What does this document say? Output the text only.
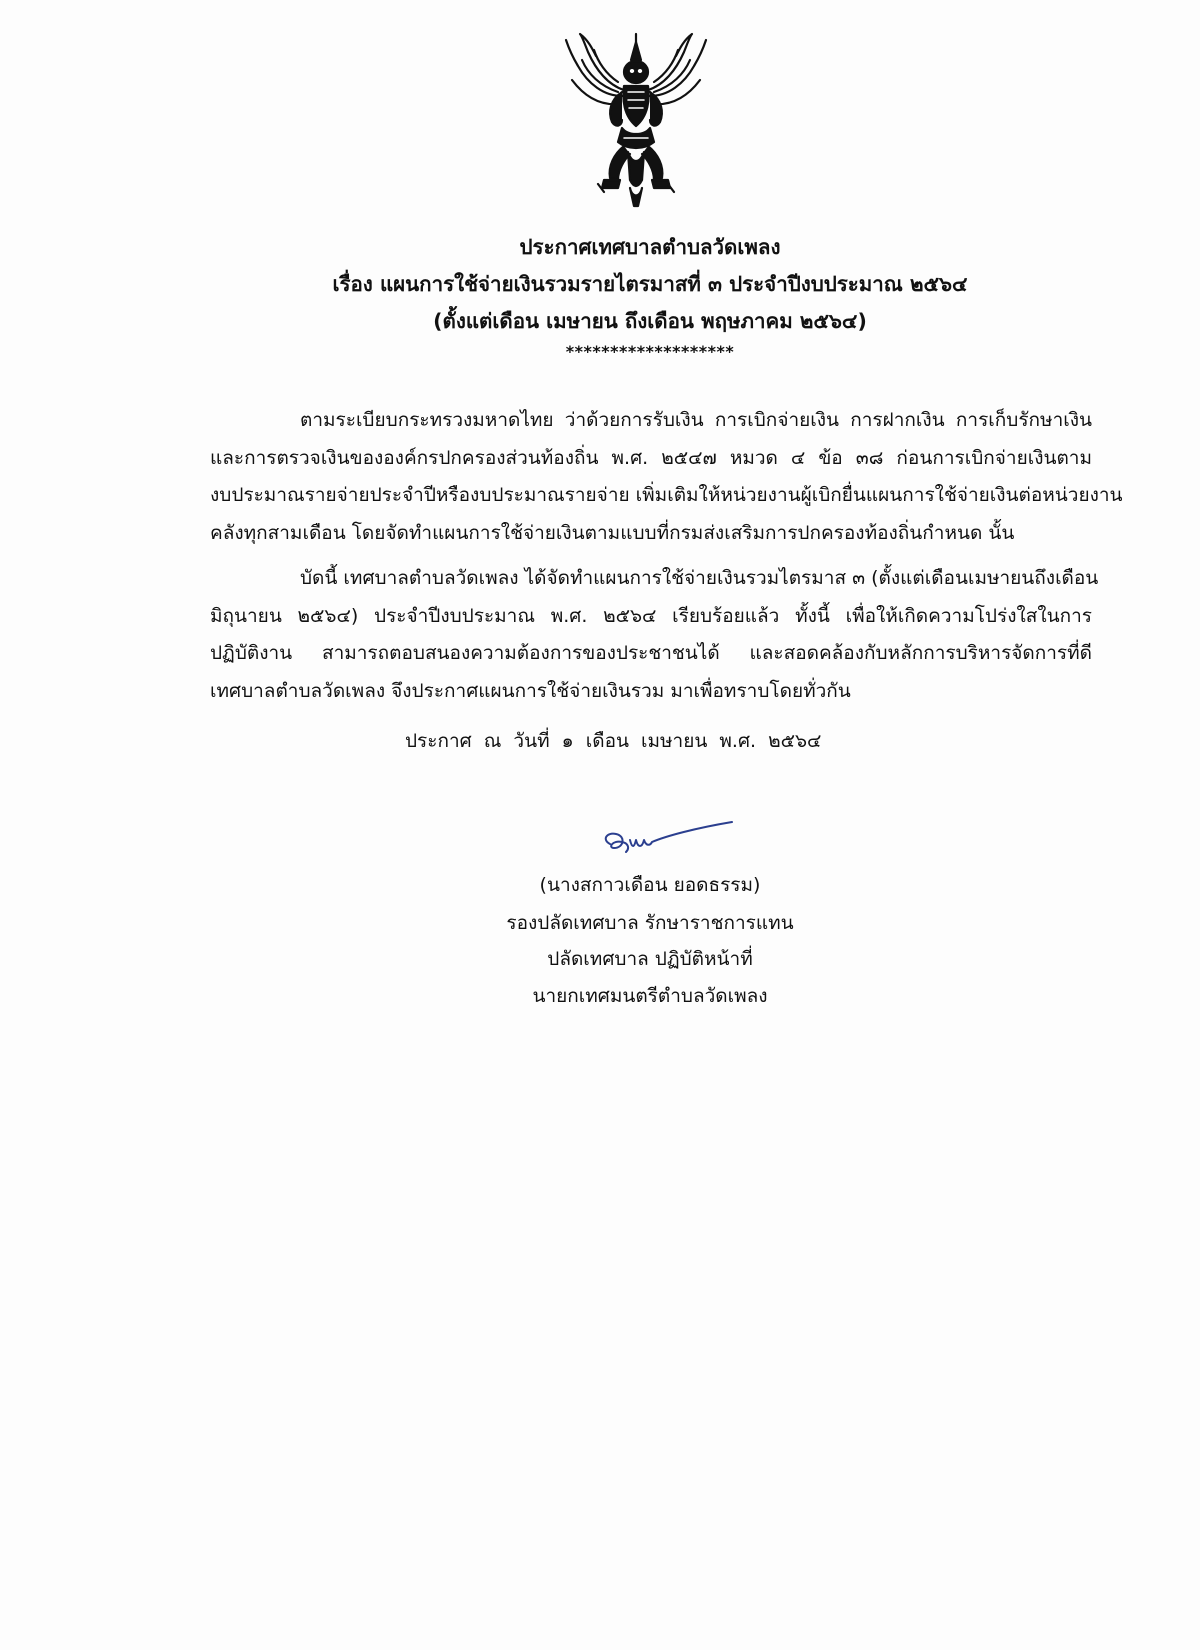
ประกาศเทศบาลตำบลวัดเพลง
เรื่อง แผนการใช้จ่ายเงินรวมรายไตรมาสที่ ๓ ประจำปีงบประมาณ ๒๕๖๔
(ตั้งแต่เดือน เมษายน ถึงเดือน พฤษภาคม ๒๕๖๔)
*******************
ตามระเบียบกระทรวงมหาดไทย ว่าด้วยการรับเงิน การเบิกจ่ายเงิน การฝากเงิน การเก็บรักษาเงิน
และการตรวจเงินขององค์กรปกครองส่วนท้องถิ่น พ.ศ. ๒๕๔๗ หมวด ๔ ข้อ ๓๘ ก่อนการเบิกจ่ายเงินตาม
งบประมาณรายจ่ายประจำปีหรืองบประมาณรายจ่าย เพิ่มเติมให้หน่วยงานผู้เบิกยื่นแผนการใช้จ่ายเงินต่อหน่วยงาน
คลังทุกสามเดือน โดยจัดทำแผนการใช้จ่ายเงินตามแบบที่กรมส่งเสริมการปกครองท้องถิ่นกำหนด นั้น
บัดนี้ เทศบาลตำบลวัดเพลง ได้จัดทำแผนการใช้จ่ายเงินรวมไตรมาส ๓ (ตั้งแต่เดือนเมษายนถึงเดือน
มิถุนายน ๒๕๖๔) ประจำปีงบประมาณ พ.ศ. ๒๕๖๔ เรียบร้อยแล้ว ทั้งนี้ เพื่อให้เกิดความโปร่งใสในการ
ปฏิบัติงาน สามารถตอบสนองความต้องการของประชาชนได้ และสอดคล้องกับหลักการบริหารจัดการที่ดี
เทศบาลตำบลวัดเพลง จึงประกาศแผนการใช้จ่ายเงินรวม มาเพื่อทราบโดยทั่วกัน
ประกาศ ณ วันที่ ๑ เดือน เมษายน พ.ศ. ๒๕๖๔
(นางสกาวเดือน ยอดธรรม)
รองปลัดเทศบาล รักษาราชการแทน
ปลัดเทศบาล ปฏิบัติหน้าที่
นายกเทศมนตรีตำบลวัดเพลง
